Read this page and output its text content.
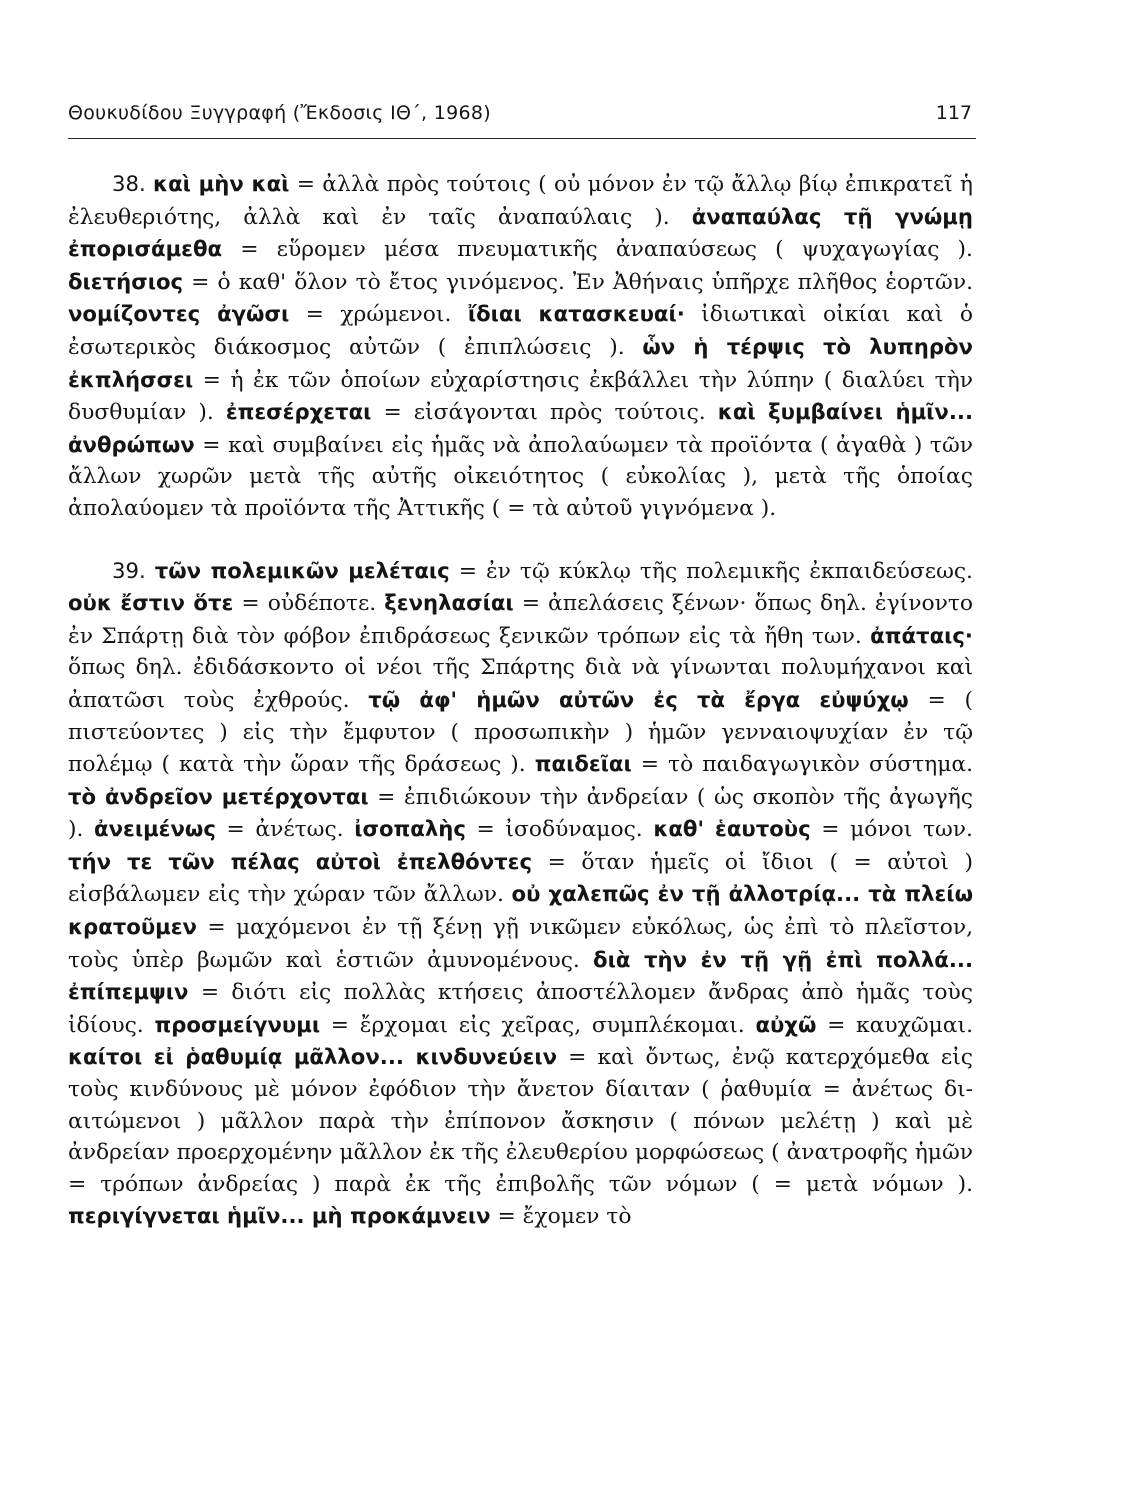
Θουκυδίδου Ξυγγραφή (Ἔκδοσις ΙΘ΄, 1968)	117

38. καὶ μὴν καὶ = ἀλλὰ πρὸς τούτοις ( οὐ μόνον ἐν τῷ ἄλλῳ βίῳ ἐπικρατεῖ ἡ ἐλευθεριότης, ἀλλὰ καὶ ἐν ταῖς ἀναπαύλαις ). ἀναπαύλας τῇ γνώμῃ ἐπορισάμεθα = εὕρομεν μέσα πνευματικῆς ἀναπαύσεως ( ψυχαγωγίας ). διετήσιος = ὁ καθ' ὅλον τὸ ἔτος γινόμενος. Ἐν Ἀθήναις ὑπῆρχε πλῆθος ἑορτῶν. νομίζοντες ἀγῶσι = χρώμενοι. ἴδιαι κατασκευαί· ἰδιωτικαὶ οἰκίαι καὶ ὁ ἐσωτερικὸς διάκοσμος αὐτῶν ( ἐπιπλώσεις ). ὧν ἡ τέρψις τὸ λυπηρὸν ἐκπλήσσει = ἡ ἐκ τῶν ὁποίων εὐχαρίστησις ἐκβάλλει τὴν λύπην ( διαλύει τὴν δυσθυμίαν ). ἐπεσέρχεται = εἰσάγονται πρὸς τούτοις. καὶ ξυμβαίνει ἡμῖν... ἀνθρώπων = καὶ συμβαίνει εἰς ἡμᾶς νὰ ἀπολαύωμεν τὰ προϊόντα ( ἀγαθὰ ) τῶν ἄλλων χωρῶν μετὰ τῆς αὐτῆς οἰκειότητος ( εὐκολίας ), μετὰ τῆς ὁποίας ἀπολαύομεν τὰ προϊόντα τῆς Ἀττικῆς ( = τὰ αὐτοῦ γιγνόμενα ).

39. τῶν πολεμικῶν μελέταις = ἐν τῷ κύκλῳ τῆς πολεμικῆς ἐκπαιδεύσεως. οὐκ ἔστιν ὅτε = οὐδέποτε. ξενηλασίαι = ἀπελάσεις ξένων· ὅπως δηλ. ἐγίνοντο ἐν Σπάρτῃ διὰ τὸν φόβον ἐπιδράσεως ξενικῶν τρόπων εἰς τὰ ἤθη των. ἀπάταις· ὅπως δηλ. ἐδιδάσκοντο οἱ νέοι τῆς Σπάρτης διὰ νὰ γίνωνται πολυμήχανοι καὶ ἀπατῶσι τοὺς ἐχθρούς. τῷ ἀφ' ἡμῶν αὐτῶν ἐς τὰ ἔργα εὐψύχῳ = ( πιστεύοντες ) εἰς τὴν ἔμφυτον ( προσωπικὴν ) ἡμῶν γενναιοψυχίαν ἐν τῷ πολέμῳ ( κατὰ τὴν ὥραν τῆς δράσεως ). παιδεῖαι = τὸ παιδαγωγικὸν σύστημα. τὸ ἀνδρεῖον μετέρχονται = ἐπιδιώκουν τὴν ἀνδρείαν ( ὡς σκοπὸν τῆς ἀγωγῆς ). ἀνειμένως = ἀνέτως. ἰσοπαλὴς = ἰσοδύναμος. καθ' ἑαυτοὺς = μόνοι των. τήν τε τῶν πέλας αὐτοὶ ἐπελθόντες = ὅταν ἡμεῖς οἱ ἴδιοι ( = αὐτοὶ ) εἰσβάλωμεν εἰς τὴν χώραν τῶν ἄλλων. οὐ χαλεπῶς ἐν τῇ ἀλλοτρίᾳ... τὰ πλείω κρατοῦμεν = μαχόμενοι ἐν τῇ ξένῃ γῇ νικῶμεν εὐκόλως, ὡς ἐπὶ τὸ πλεῖστον, τοὺς ὑπὲρ βωμῶν καὶ ἑστιῶν ἀμυνομένους. διὰ τὴν ἐν τῇ γῇ ἐπὶ πολλά... ἐπίπεμψιν = διότι εἰς πολλὰς κτήσεις ἀποστέλλομεν ἄνδρας ἀπὸ ἡμᾶς τοὺς ἰδίους. προσμείγνυμι = ἔρχομαι εἰς χεῖρας, συμπλέκομαι. αὐχῶ = καυχῶμαι. καίτοι εἰ ῥαθυμίᾳ μᾶλλον... κινδυνεύειν = καὶ ὄντως, ἐνῷ κατερχόμεθα εἰς τοὺς κινδύνους μὲ μόνον ἐφόδιον τὴν ἄνετον δίαιταν ( ῥαθυμία = ἀνέτως διαιτώμενοι ) μᾶλλον παρὰ τὴν ἐπίπονον ἄσκησιν ( πόνων μελέτῃ ) καὶ μὲ ἀνδρείαν προερχομένην μᾶλλον ἐκ τῆς ἐλευθερίου μορφώσεως ( ἀνατροφῆς ἡμῶν = τρόπων ἀνδρείας ) παρὰ ἐκ τῆς ἐπιβολῆς τῶν νόμων ( = μετὰ νόμων ). περιγίγνεται ἡμῖν... μὴ προκάμνειν = ἔχομεν τὸ
